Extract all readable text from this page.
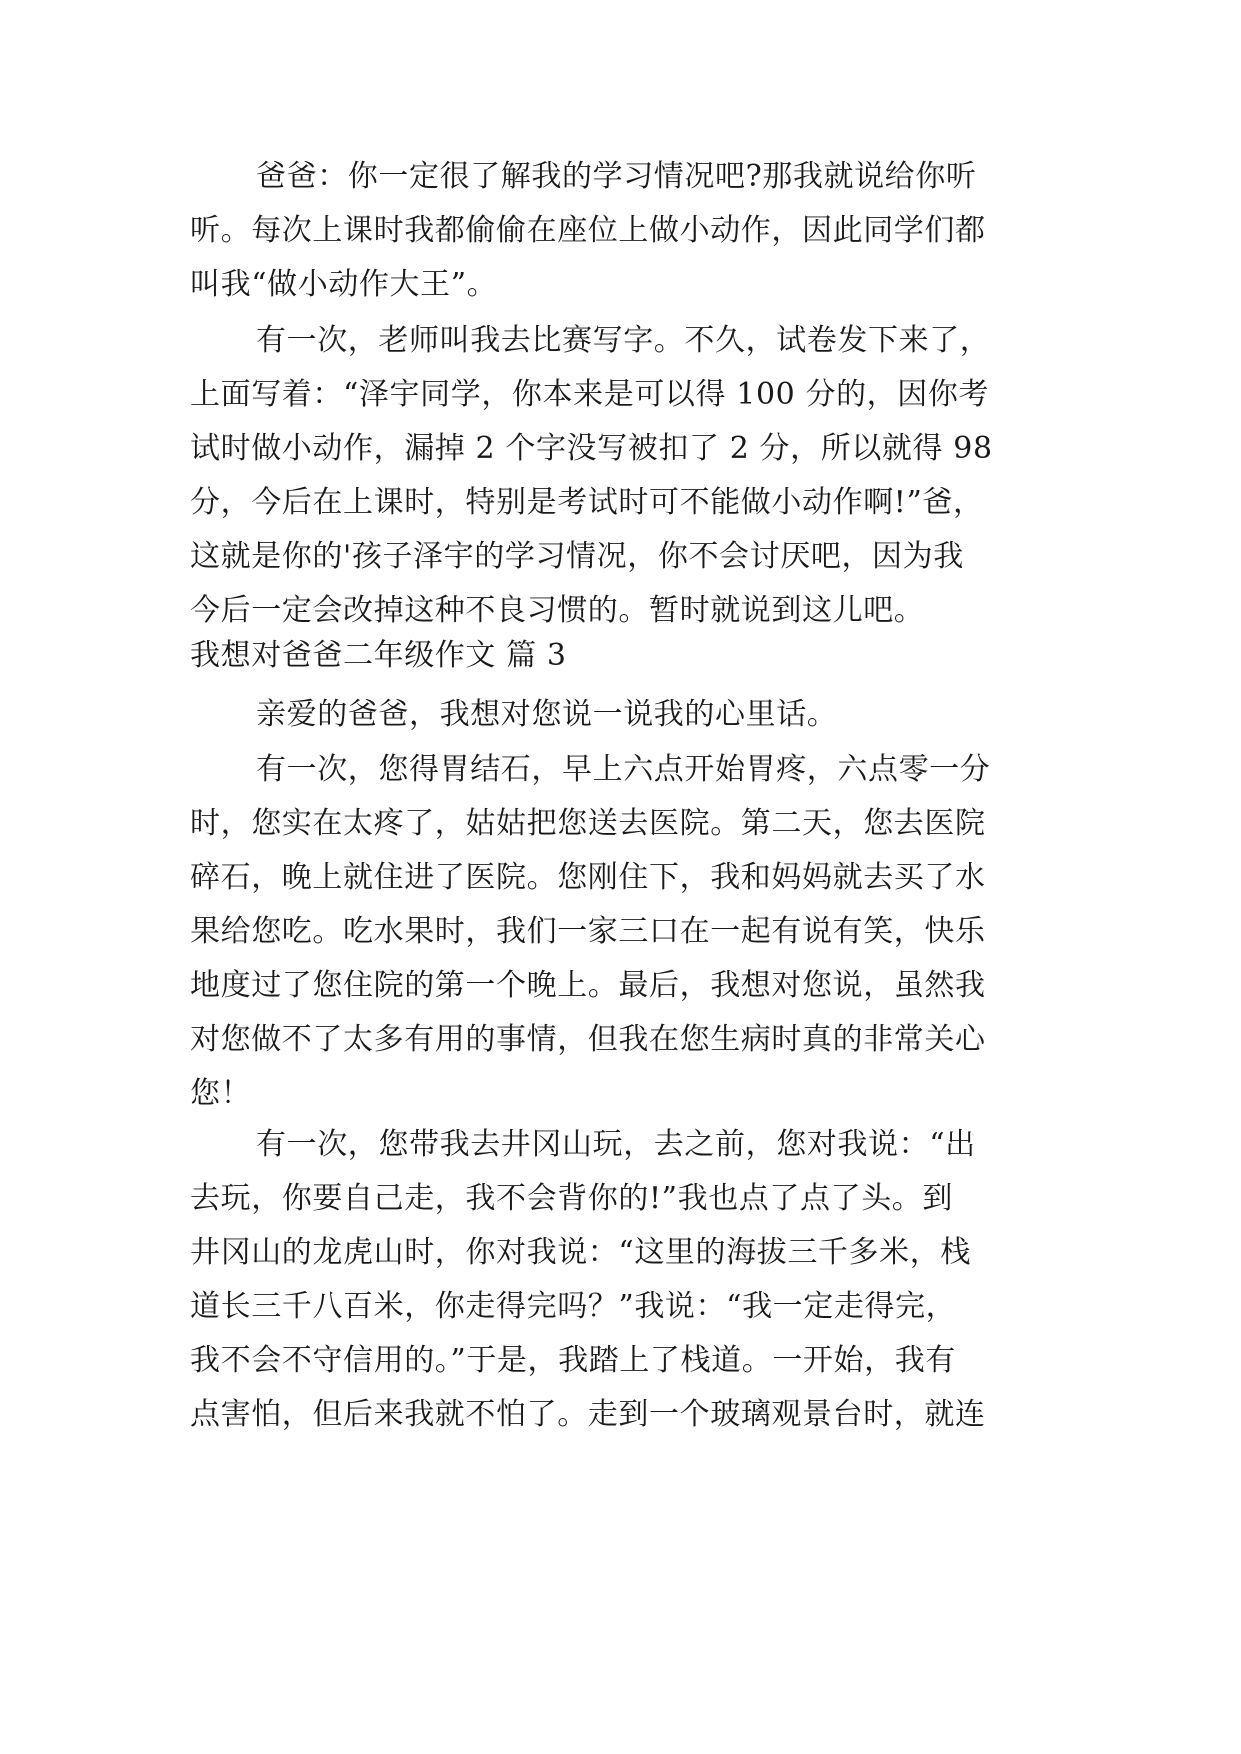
爸爸：你一定很了解我的学习情况吧?那我就说给你听
听。每次上课时我都偷偷在座位上做小动作，因此同学们都
叫我“做小动作大王”。
有一次，老师叫我去比赛写字。不久，试卷发下来了，
上面写着：“泽宇同学，你本来是可以得 100 分的，因你考
试时做小动作，漏掉 2 个字没写被扣了 2 分，所以就得 98
分，今后在上课时，特别是考试时可不能做小动作啊!”爸，
这就是你的'孩子泽宇的学习情况，你不会讨厌吧，因为我
今后一定会改掉这种不良习惯的。暂时就说到这儿吧。
我想对爸爸二年级作文 篇 3
亲爱的爸爸，我想对您说一说我的心里话。
有一次，您得胃结石，早上六点开始胃疼，六点零一分
时，您实在太疼了，姑姑把您送去医院。第二天，您去医院
碎石，晚上就住进了医院。您刚住下，我和妈妈就去买了水
果给您吃。吃水果时，我们一家三口在一起有说有笑，快乐
地度过了您住院的第一个晚上。最后，我想对您说，虽然我
对您做不了太多有用的事情，但我在您生病时真的非常关心
您！
有一次，您带我去井冈山玩，去之前，您对我说：“出
去玩，你要自己走，我不会背你的!”我也点了点了头。到
井冈山的龙虎山时，你对我说：“这里的海拔三千多米，栈
道长三千八百米，你走得完吗？”我说：“我一定走得完，
我不会不守信用的。”于是，我踏上了栈道。一开始，我有
点害怕，但后来我就不怕了。走到一个玻璃观景台时，就连
